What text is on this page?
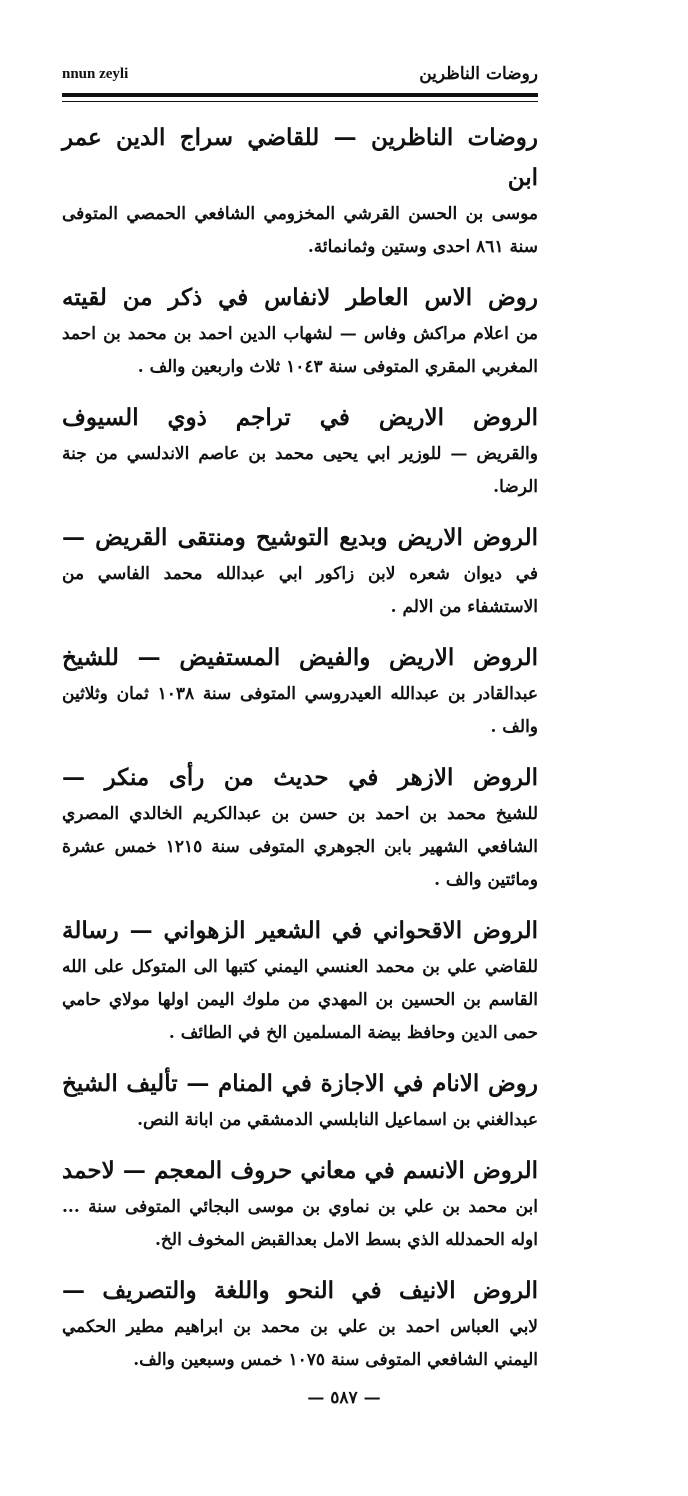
روضات الناظرين
nnun zeyli
روضات الناظرين — للقاضي سراج الدين عمر ابن
موسى بن الحسن القرشي المخزومي الشافعي الحمصي المتوفى سنة ٨٦١ احدى وستين وثمانمائة.
روض الاس العاطر لانفاس في ذكر من لقيته
من اعلام مراكش وفاس — لشهاب الدين احمد بن محمد بن احمد المغربي المقري المتوفى سنة ١٠٤٣ ثلاث واربعين والف .
الروض الاريض في تراجم ذوي السيوف
والقريض — للوزير ابي يحيى محمد بن عاصم الاندلسي من جنة الرضا.
الروض الاريض وبديع التوشيح ومنتقى القريض —
في ديوان شعره لابن زاكور ابي عبدالله محمد الفاسي من الاستشفاء من الالم .
الروض الاريض والفيض المستفيض — للشيخ
عبدالقادر بن عبدالله العيدروسي المتوفى سنة ١٠٣٨ ثمان وثلاثين والف .
الروض الازهر في حديث من رأى منكر —
للشيخ محمد بن احمد بن حسن بن عبدالكريم الخالدي المصري الشافعي الشهير بابن الجوهري المتوفى سنة ١٢١٥ خمس عشرة ومائتين والف .
الروض الاقحواني في الشعير الزهواني — رسالة
للقاضي علي بن محمد العنسي اليمني كتبها الى المتوكل على الله القاسم بن الحسين بن المهدي من ملوك اليمن اولها مولاي حامي حمى الدين وحافظ بيضة المسلمين الخ في الطائف .
روض الانام في الاجازة في المنام — تأليف الشيخ
عبدالغني بن اسماعيل النابلسي الدمشقي من ابانة النص.
الروض الانسم في معاني حروف المعجم — لاحمد
ابن محمد بن علي بن نماوي بن موسى البجائي المتوفى سنة ... اوله الحمدلله الذي بسط الامل بعدالقبض المخوف الخ.
الروض الانيف في النحو واللغة والتصريف —
لابي العباس احمد بن علي بن محمد بن ابراهيم مطير الحكمي اليمني الشافعي المتوفى سنة ١٠٧٥ خمس وسبعين والف.
— ٥٨٧ —
